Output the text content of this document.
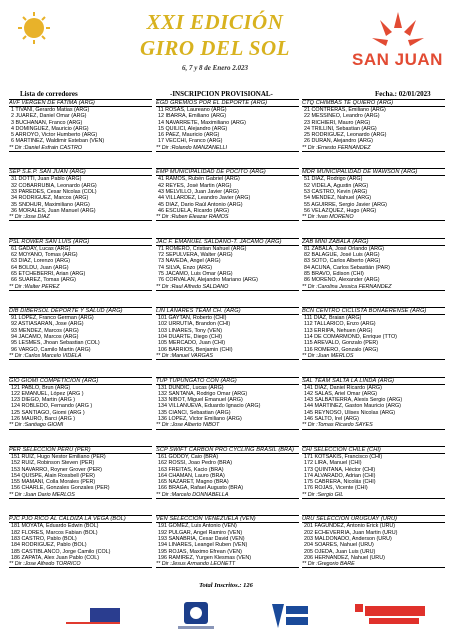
XXI EDICIÓN
GIRO DEL SOL
6, 7 y 8 de Enero 2.023	SAN JUAN
Lista de corredores	-INSCRIPCION PROVISIONAL-	Fecha.: 02/01/2023
AVF VERGEN DE FATIMA (ARG)
1 TIVANI, Gerardo Matias (ARG)
2 JUAREZ, Daniel Omar (ARG)
3 BUCHANAN, Franco (ARG)
4 DOMINGUEZ, Mauricio (ARG)
5 ARROYO, Victor Humberto (ARG)
6 MARTINEZ, Waldimir Esteban (VEN)
** Dir :Daniel Esfrain CASTRO
EGD GREMIOS POR EL DEPORTE (ARG)
11 ROSAS, Laureano (ARG)
12 IBARRA, Emiliano (ARG)
14 NAVARRETE, Maximiliano (ARG)
15 QUILICI, Alejandro (ARG)
16 PAEZ, Mauricio (ARG)
17 VECCHI, Franco (ARG)
** Dir :Rolando MANZANELLI
CTQ CHIMBAS TE QUIERO (ARG)
21 CONTRERAS, Emiliano (ARG)
22 MESSINEO, Leandro (ARG)
23 RICHIERI, Mauro (ARG)
24 TRILLINI, Sebastian (ARG)
25 RODRIGUEZ, Leonardo (ARG)
26 DURAN, Alejandro (ARG)
** Dir :Ernesto FERNANDEZ
SEP S.E.P. SAN JUAN (ARG)
31 DOTTI, Juan Pablo (ARG)
32 COBARRUBIA, Leonardo (ARG)
33 PAREDES, Cesar Nicolas (COL)
34 RODRIGUEZ, Marcos (ARG)
35 SNDHUR, Maximiliano (ARG)
36 MORALES, Juan Manuel (ARG)
** Dir :Jose DIAZ
EMP MUNICIPALIDAD DE POCITO (ARG)
41 RAMOS, Rubén Gabriel (ARG)
42 REYES, José Martin (ARG)
43 MELVILLO, Juan Javier (ARG)
44 VILLARDEZ, Leandro Javier (ARG)
45 DIAZ, Dario Raúl Antonio (ARG)
46 ESCUELA, Ricardo (ARG)
** Dir :Ruben Eleazar RAMOS
MDR MUNICIPALIDAD DE WAWSON (ARG)
51 DIAZ, Rodrigo (ARG)
52 VIDELA, Agustin (ARG)
53 CASTRO, Kevin (ARG)
54 MENDEZ, Nahuel (ARG)
55 AGUIRRE, Sergio Javier (ARG)
56 VELAZQUEZ, Hugo (ARG)
** Dir :Ivan MORENO
PSL ROWER SAN LUIS (ARG)
61 GADAY, Lucas (ARG)
62 MOYANO, Tomas (ARG)
63 DIAZ, Lorenzo (ARG)
64 BOLDU, Juan (ARG)
65 ETCHEBERRI, Arian (ARG)
66 SUAREZ, Tomas (ARG)
** Dir :Walter PEREZ
JAC F. EMANUEL SALDAÑO-T. JACAMO (ARG)
71 ROMERO, Cristian Nahuel (ARG)
72 SEPULVERA, Walter (ARG)
73 NAVEDA, Angel (ARG)
74 SILVA, Enzo (ARG)
75 JACAMO, Luis Omar (ARG)
76 CORVALAN, Alejandro Mariano (ARG)
** Dir :Raul Alfredo SALDAÑO
ZAB MINI ZABALA (ARG)
81 ZABALA, José Orlando (ARG)
82 BALAGUÉ, José Luis (ARG)
83 SOTO, Carlos Alberto (ARG)
84 ACUÑA, Carlos Sebastián (PAR)
85 BRAVO, Edison (CHI)
86 MORENO, Alexander (ARG)
** Dir :Carolina Jessica FERNANDEZ
DIB DIBERSOL DEPORTE Y SALUD (ARG)
91 LOPEZ, Franco German (ARG)
92 ASTIASARAN, Jose (ARG)
93 MENDEZ, Marcos (ARG)
94 JACAMO, Marcos (ARG)
95 LESMES, Jhoan Sebastian (COL)
96 VARGO, Camilo Martin (ARG)
** Dir :Carlos Marcelo VIDELA
LIN LANARES TEAM CH. (ARG)
101 GAYTAN, Roberto (CHI)
102 URRUTIA, Brandon (CHI)
103 LINARES, Tony (VEN)
104 DUARTE, Diego (CHI)
105 MERCADO, Juan (CHI)
106 BARRIOS, Benjamin (CHI)
** Dir :Manuel VARGAS
BCN CENTRO CICLISTA BONAERENSE (ARG)
111 DIAZ, Braian (ARG)
112 TALLARICO, Enzo (ARG)
113 ERRIPA, Nehuen (ARG)
114 DE COMARMOND, Enrique (TTO)
115 AREVALO, Gonzalo (PER)
116 ROMERO, Gonzalo (ARG)
** Dir :Juan MERLOS
GIO GIOMI COMPETICION (ARG)
121 PABLO, Brun (ARG)
122 EMANUEL, López (ARG )
123 DIEGO, Martin (ARG )
124 ROBLEDO, Fernando (ARG )
125 SANTIAGO, Giomi (ARG )
126 MAURO, Barci (ARG )
** Dir :Santiago GIOMI
TUP TUPUNGATO CON (ARG)
131 DUNDIC, Lucas (ARG)
132 SANTANA, Rodrigo Omar (ARG)
133 NIBOT, Miguel Emanuel (ARG)
134 VILLANUEVA, Eduardo Ignacio (ARG)
135 CIANCI, Sebastian (ARG)
136 LOPEZ, Victor Emiliano (ARG)
** Dir :Jose Alberto NIBOT
SAL TEAM SALTA LA LINDA (ARG)
141 DIAZ, Daniel Ricardo (ARG)
142 SALAS, Ariel Omar (ARG)
143 SALBATIERRA, Alexis Sergio (ARG)
144 MARTINEZ, Gaston Mauricio (ARG)
145 REYNOSO, Ulises Nicolas (ARG)
146 SALTO, Irel (ARG)
** Dir :Tomas Ricardo SAYES
PER SELECCIÓN PERU (PER)
151 RUIZ, Hugo Nestor Emiliano (PER)
152 RUIZ, Robinson Steven (PER)
153 NAVARRO, Royner Grover (PER)
154 QUISPE, Alain Rossbell (PER)
155 MAMANI, Colla Morales (PER)
156 CHARLE, Gonzales Gonzales (PER)
** Dir :Juan Dario MERLOS
SCP SWIFT CARBON PRO CYCLING BRASIL (BRA)
161 GODOY, Caio (BRA)
162 ROSSI, Joao Pedro (BRA)
163 FREITAS, Kacio (BRA)
164 CHAMAN, Lauro (BRA)
165 NAZARET, Magno (BRA)
166 BRAGA, Rafael Augusto (BRA)
** Dir :Marcelo DONNABELLA
CHI SELECCIÓN CHILE (CHI)
171 KOTSAKIS, Francisco (CHI)
172 LIRA, Manuel (CHI)
173 QUINTANA, Héctor (CHI)
174 ALVARADO, Adrian (CHI)
175 CABRERA, Nicolás (CHI)
176 ROJAS, Vicente (CHI)
** Dir :Sergio GIL
PJC PJO RICO AL CALDIZA LA VEGA (BOL)
181 MOYATA, Eduardo Edwin (BOL)
182 FLORES, Marcos Fabian (BOL)
183 CASTRO, Pablo (BOL)
184 RODRIGUEZ, Pablo (BOL)
185 CASTIBLANCO, Jorge Camilo (COL)
186 ZAPATA, Alex Juan Pablo (COL)
** Dir :Jose Alfredo TORRICO
VEN SELECCIÓN VENEZUELA (VEN)
191 GOMEZ, Luis Antonio (VEN)
192 PULGAR, Angel Ramiro (VEN)
193 SANABRIA, Cesar David (VEN)
194 LINARES, Leangel Ruben (VEN)
195 ROJAS, Maximo Efrean (VEN)
196 RAMIREZ, Yurgen Klesmas (VEN)
** Dir :Jesus Armando LEONETT
URU SELECCIÓN URUGUAY (URU)
201 FAGUNDEZ, Antonio Erick (URU)
202 ECHEVERRIA, Juan Martin (URU)
203 MALDONADO, Anderson (URU)
204 SOARES, Nahuel (URU)
205 OJEDA, Juan Luis (URU)
206 HERNANDEZ, Nahuel (URU)
** Dir :Gregorio BARE
Total Inscritos.: 126
